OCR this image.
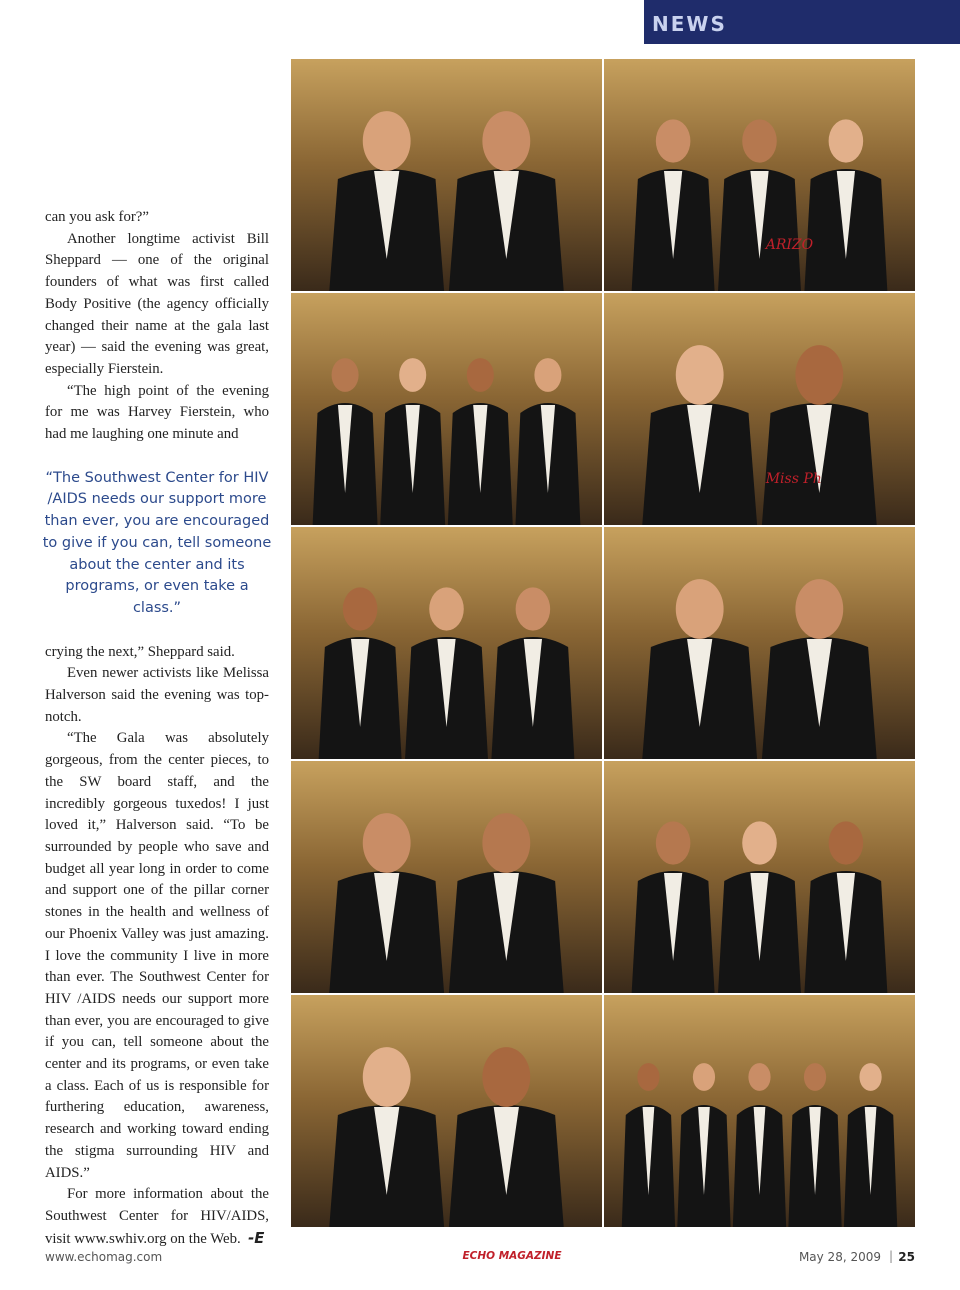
NEWS

can you ask for?”

Another longtime activist Bill Sheppard — one of the original founders of what was first called Body Positive (the agency officially changed their name at the gala last year) — said the evening was great, especially Fierstein.

“The high point of the evening for me was Harvey Fierstein, who had me laughing one minute and

“The Southwest Center for HIV /AIDS needs our support more than ever, you are encouraged to give if you can, tell someone about the center and its programs, or even take a class.”

crying the next,” Sheppard said.

Even newer activists like Melissa Halverson said the evening was top-notch.

“The Gala was absolutely gorgeous, from the center pieces, to the SW board staff, and the incredibly gorgeous tuxedos! I just loved it,” Halverson said. “To be surrounded by people who save and budget all year long in order to come and support one of the pillar corner stones in the health and wellness of our Phoenix Valley was just amazing. I love the community I live in more than ever. The Southwest Center for HIV /AIDS needs our support more than ever, you are encouraged to give if you can, tell someone about the center and its programs, or even take a class. Each of us is responsible for furthering education, awareness, research and working toward ending the stigma surrounding HIV and AIDS.”

For more information about the Southwest Center for HIV/AIDS, visit www.swhiv.org on the Web. -E

ARIZO
Miss Ph
www.echomag.com	ECHO MAGAZINE	May 28, 2009 | 25
